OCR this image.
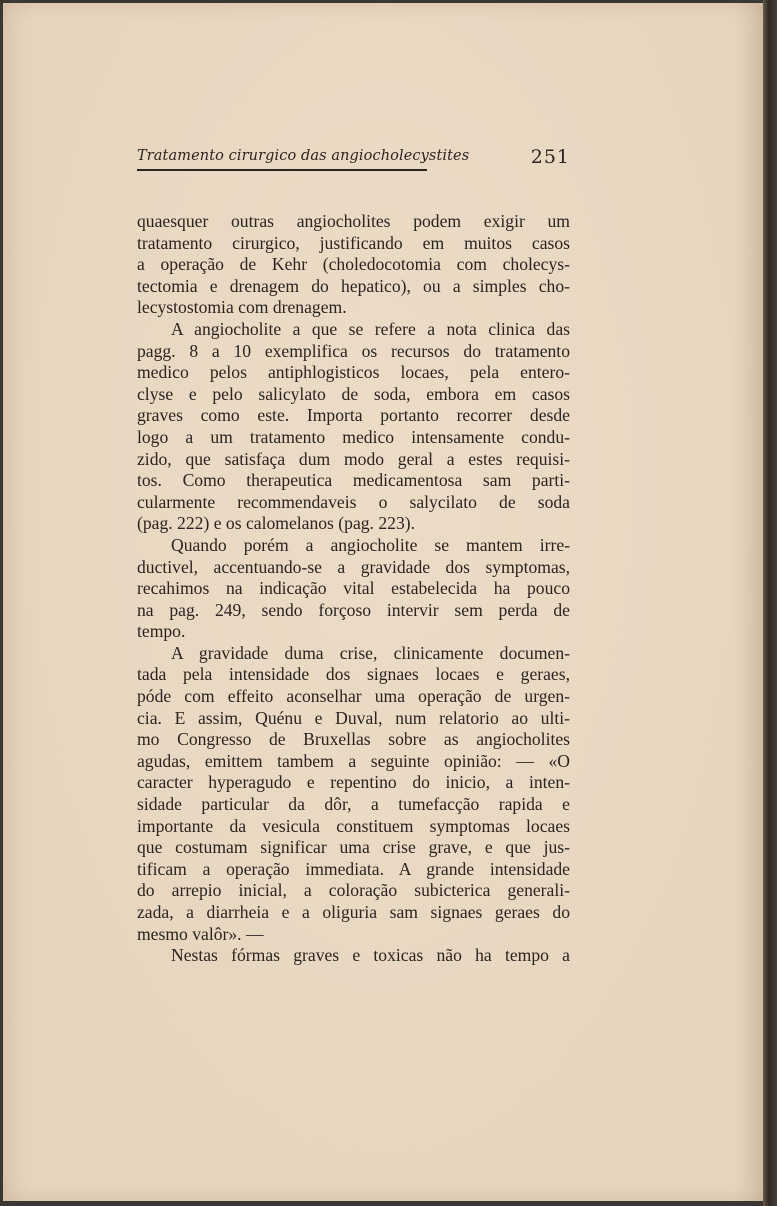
Tratamento cirurgico das angiocholecystites	251
quaesquer outras angiocholites podem exigir um
tratamento cirurgico, justificando em muitos casos
a operação de Kehr (choledocotomia com cholecys-
tectomia e drenagem do hepatico), ou a simples cho-
lecystostomia com drenagem.
A angiocholite a que se refere a nota clinica das
pagg. 8 a 10 exemplifica os recursos do tratamento
medico pelos antiphlogisticos locaes, pela entero-
clyse e pelo salicylato de soda, embora em casos
graves como este. Importa portanto recorrer desde
logo a um tratamento medico intensamente condu-
zido, que satisfaça dum modo geral a estes requisi-
tos. Como therapeutica medicamentosa sam parti-
cularmente recommendaveis o salycilato de soda
(pag. 222) e os calomelanos (pag. 223).
Quando porém a angiocholite se mantem irre-
ductivel, accentuando-se a gravidade dos symptomas,
recahimos na indicação vital estabelecida ha pouco
na pag. 249, sendo forçoso intervir sem perda de
tempo.
A gravidade duma crise, clinicamente documen-
tada pela intensidade dos signaes locaes e geraes,
póde com effeito aconselhar uma operação de urgen-
cia. E assim, Quénu e Duval, num relatorio ao ulti-
mo Congresso de Bruxellas sobre as angiocholites
agudas, emittem tambem a seguinte opinião: — «O
caracter hyperagudo e repentino do inicio, a inten-
sidade particular da dôr, a tumefacção rapida e
importante da vesicula constituem symptomas locaes
que costumam significar uma crise grave, e que jus-
tificam a operação immediata. A grande intensidade
do arrepio inicial, a coloração subicterica generali-
zada, a diarrheia e a oliguria sam signaes geraes do
mesmo valôr». —
Nestas fórmas graves e toxicas não ha tempo a
